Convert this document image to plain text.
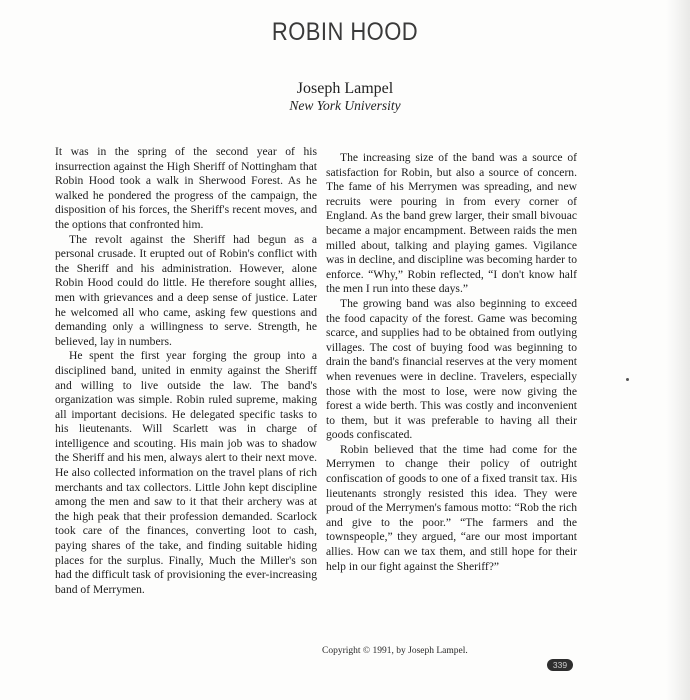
ROBIN HOOD
Joseph Lampel
New York University

It was in the spring of the second year of his insurrection against the High Sheriff of Nottingham that Robin Hood took a walk in Sherwood Forest. As he walked he pondered the progress of the campaign, the disposition of his forces, the Sheriff's recent moves, and the options that confronted him.

The revolt against the Sheriff had begun as a personal crusade. It erupted out of Robin's conflict with the Sheriff and his administration. However, alone Robin Hood could do little. He therefore sought allies, men with grievances and a deep sense of justice. Later he welcomed all who came, asking few questions and demanding only a willingness to serve. Strength, he believed, lay in numbers.

He spent the first year forging the group into a disciplined band, united in enmity against the Sheriff and willing to live outside the law. The band's organization was simple. Robin ruled supreme, making all important decisions. He delegated specific tasks to his lieutenants. Will Scarlett was in charge of intelligence and scouting. His main job was to shadow the Sheriff and his men, always alert to their next move. He also collected information on the travel plans of rich merchants and tax collectors. Little John kept discipline among the men and saw to it that their archery was at the high peak that their profession demanded. Scarlock took care of the finances, converting loot to cash, paying shares of the take, and finding suitable hiding places for the surplus. Finally, Much the Miller's son had the difficult task of provisioning the ever-increasing band of Merrymen.

The increasing size of the band was a source of satisfaction for Robin, but also a source of concern. The fame of his Merrymen was spreading, and new recruits were pouring in from every corner of England. As the band grew larger, their small bivouac became a major encampment. Between raids the men milled about, talking and playing games. Vigilance was in decline, and discipline was becoming harder to enforce. “Why,” Robin reflected, “I don't know half the men I run into these days.”

The growing band was also beginning to exceed the food capacity of the forest. Game was becoming scarce, and supplies had to be obtained from outlying villages. The cost of buying food was beginning to drain the band's financial reserves at the very moment when revenues were in decline. Travelers, especially those with the most to lose, were now giving the forest a wide berth. This was costly and inconvenient to them, but it was preferable to having all their goods confiscated.

Robin believed that the time had come for the Merrymen to change their policy of outright confiscation of goods to one of a fixed transit tax. His lieutenants strongly resisted this idea. They were proud of the Merrymen's famous motto: “Rob the rich and give to the poor.” “The farmers and the townspeople,” they argued, “are our most important allies. How can we tax them, and still hope for their help in our fight against the Sheriff?”

Copyright © 1991, by Joseph Lampel.
339
